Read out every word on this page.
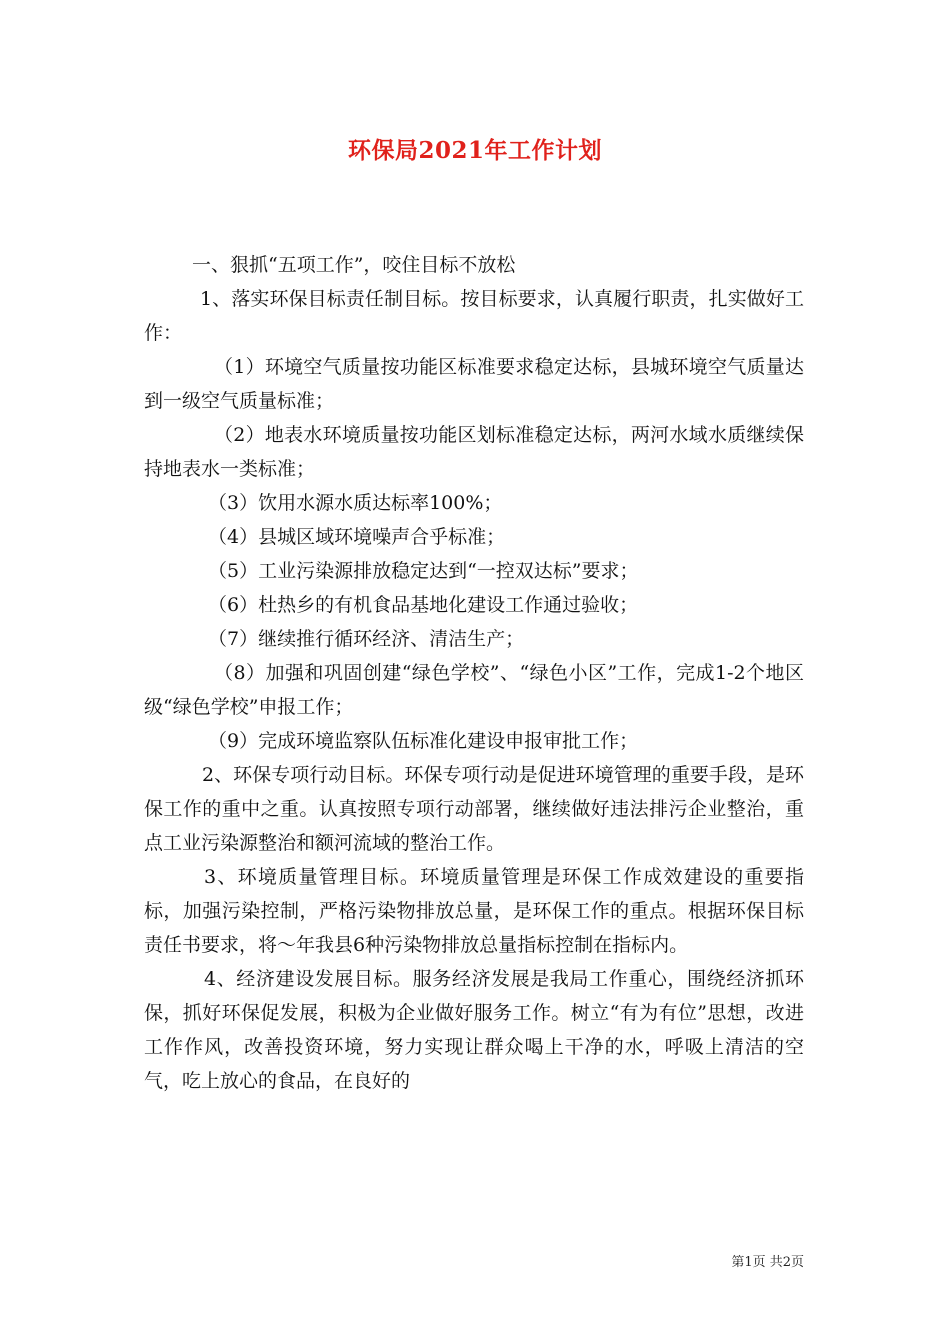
环保局2021年工作计划

一、狠抓“五项工作”，咬住目标不放松

1、落实环保目标责任制目标。按目标要求，认真履行职责，扎实做好工作：

（1）环境空气质量按功能区标准要求稳定达标，县城环境空气质量达到一级空气质量标准；

（2）地表水环境质量按功能区划标准稳定达标，两河水域水质继续保持地表水一类标准；

（3）饮用水源水质达标率100%；

（4）县城区域环境噪声合乎标准；

（5）工业污染源排放稳定达到“一控双达标”要求；

（6）杜热乡的有机食品基地化建设工作通过验收；

（7）继续推行循环经济、清洁生产；

（8）加强和巩固创建“绿色学校”、“绿色小区”工作，完成1-2个地区级“绿色学校”申报工作；

（9）完成环境监察队伍标准化建设申报审批工作；

2、环保专项行动目标。环保专项行动是促进环境管理的重要手段，是环保工作的重中之重。认真按照专项行动部署，继续做好违法排污企业整治，重点工业污染源整治和额河流域的整治工作。

3、环境质量管理目标。环境质量管理是环保工作成效建设的重要指标，加强污染控制，严格污染物排放总量，是环保工作的重点。根据环保目标责任书要求，将～年我县6种污染物排放总量指标控制在指标内。

4、经济建设发展目标。服务经济发展是我局工作重心，围绕经济抓环保，抓好环保促发展，积极为企业做好服务工作。树立“有为有位”思想，改进工作作风，改善投资环境，努力实现让群众喝上干净的水，呼吸上清洁的空气，吃上放心的食品，在良好的

第1页 共2页
